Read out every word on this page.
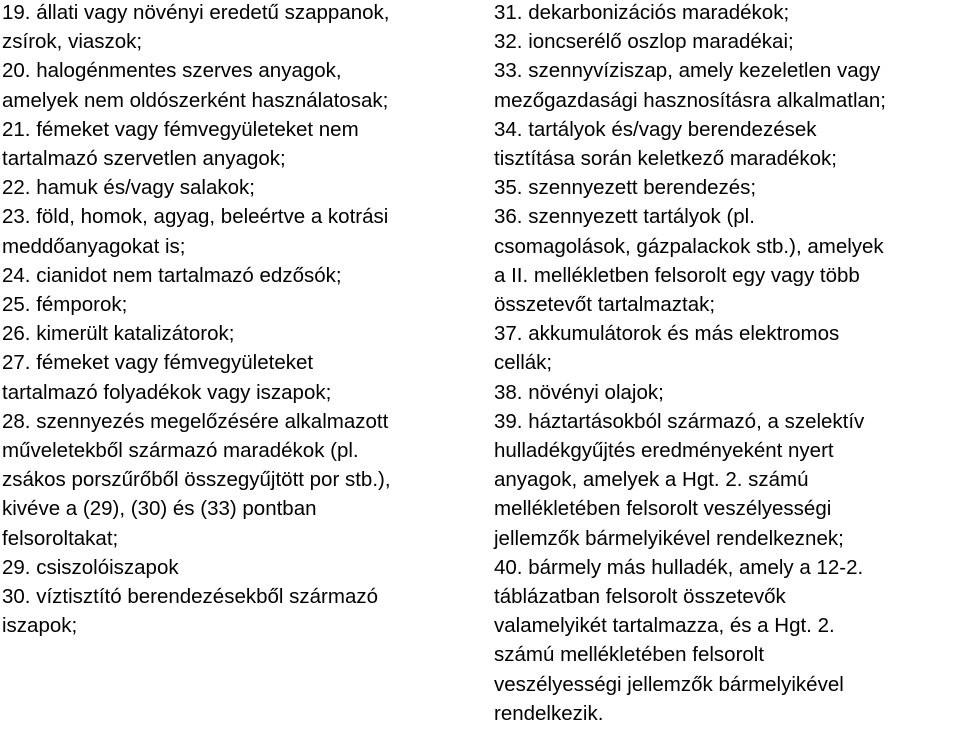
19. állati vagy növényi eredetű szappanok,
zsírok, viaszok;
20. halogénmentes szerves anyagok,
amelyek nem oldószerként használatosak;
21. fémeket vagy fémvegyületeket nem
tartalmazó szervetlen anyagok;
22. hamuk és/vagy salakok;
23. föld, homok, agyag, beleértve a kotrási
meddőanyagokat is;
24. cianidot nem tartalmazó edzősók;
25. fémporok;
26. kimerült katalizátorok;
27. fémeket vagy fémvegyületeket
tartalmazó folyadékok vagy iszapok;
28. szennyezés megelőzésére alkalmazott
műveletekből származó maradékok (pl.
zsákos porszűrőből összegyűjtött por stb.),
kivéve a (29), (30) és (33) pontban
felsoroltakat;
29. csiszolóiszapok
30. víztisztító berendezésekből származó
iszapok;
31. dekarbonizációs maradékok;
32. ioncserélő oszlop maradékai;
33. szennyvíziszap, amely kezeletlen vagy
mezőgazdasági hasznosításra alkalmatlan;
34. tartályok és/vagy berendezések
tisztítása során keletkező maradékok;
35. szennyezett berendezés;
36. szennyezett tartályok (pl.
csomagolások, gázpalackok stb.), amelyek
a II. mellékletben felsorolt egy vagy több
összetevőt tartalmaztak;
37. akkumulátorok és más elektromos
cellák;
38. növényi olajok;
39. háztartásokból származó, a szelektív
hulladékgyűjtés eredményeként nyert
anyagok, amelyek a Hgt. 2. számú
mellékletében felsorolt veszélyességi
jellemzők bármelyikével rendelkeznek;
40. bármely más hulladék, amely a 12-2.
táblázatban felsorolt összetevők
valamelyikét tartalmazza, és a Hgt. 2.
számú mellékletében felsorolt
veszélyességi jellemzők bármelyikével
rendelkezik.
